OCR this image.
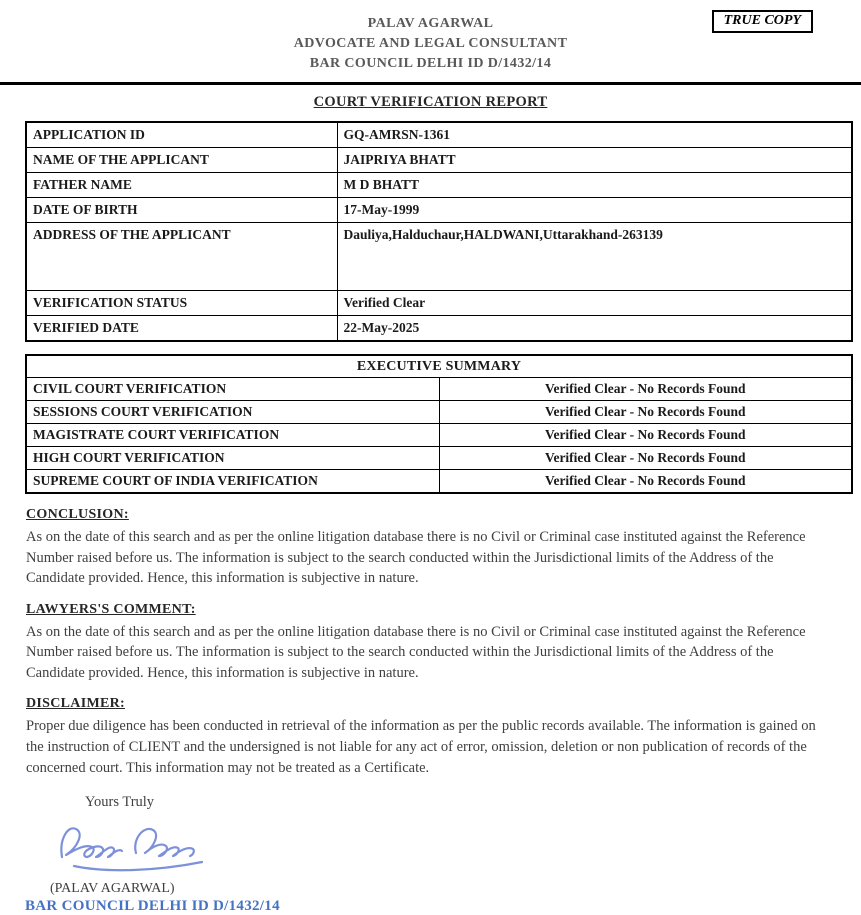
TRUE COPY
PALAV AGARWAL
ADVOCATE AND LEGAL CONSULTANT
BAR COUNCIL DELHI ID D/1432/14
COURT VERIFICATION REPORT
APPLICATION ID	GQ-AMRSN-1361
NAME OF THE APPLICANT	JAIPRIYA BHATT
FATHER NAME	M D BHATT
DATE OF BIRTH	17-May-1999
ADDRESS OF THE APPLICANT	Dauliya,Halduchaur,HALDWANI,Uttarakhand-263139
VERIFICATION STATUS	Verified Clear
VERIFIED DATE	22-May-2025
EXECUTIVE SUMMARY	
CIVIL COURT VERIFICATION	Verified Clear - No Records Found
SESSIONS COURT VERIFICATION	Verified Clear - No Records Found
MAGISTRATE COURT VERIFICATION	Verified Clear - No Records Found
HIGH COURT VERIFICATION	Verified Clear - No Records Found
SUPREME COURT OF INDIA VERIFICATION	Verified Clear - No Records Found
CONCLUSION:
As on the date of this search and as per the online litigation database there is no Civil or Criminal case instituted against the Reference Number raised before us. The information is subject to the search conducted within the Jurisdictional limits of the Address of the Candidate provided. Hence, this information is subjective in nature.
LAWYERS'S COMMENT:
As on the date of this search and as per the online litigation database there is no Civil or Criminal case instituted against the Reference Number raised before us. The information is subject to the search conducted within the Jurisdictional limits of the Address of the Candidate provided. Hence, this information is subjective in nature.
DISCLAIMER:
Proper due diligence has been conducted in retrieval of the information as per the public records available. The information is gained on the instruction of CLIENT and the undersigned is not liable for any act of error, omission, deletion or non publication of records of the concerned court. This information may not be treated as a Certificate.
Yours Truly
(PALAV AGARWAL)
BAR COUNCIL DELHI ID D/1432/14
